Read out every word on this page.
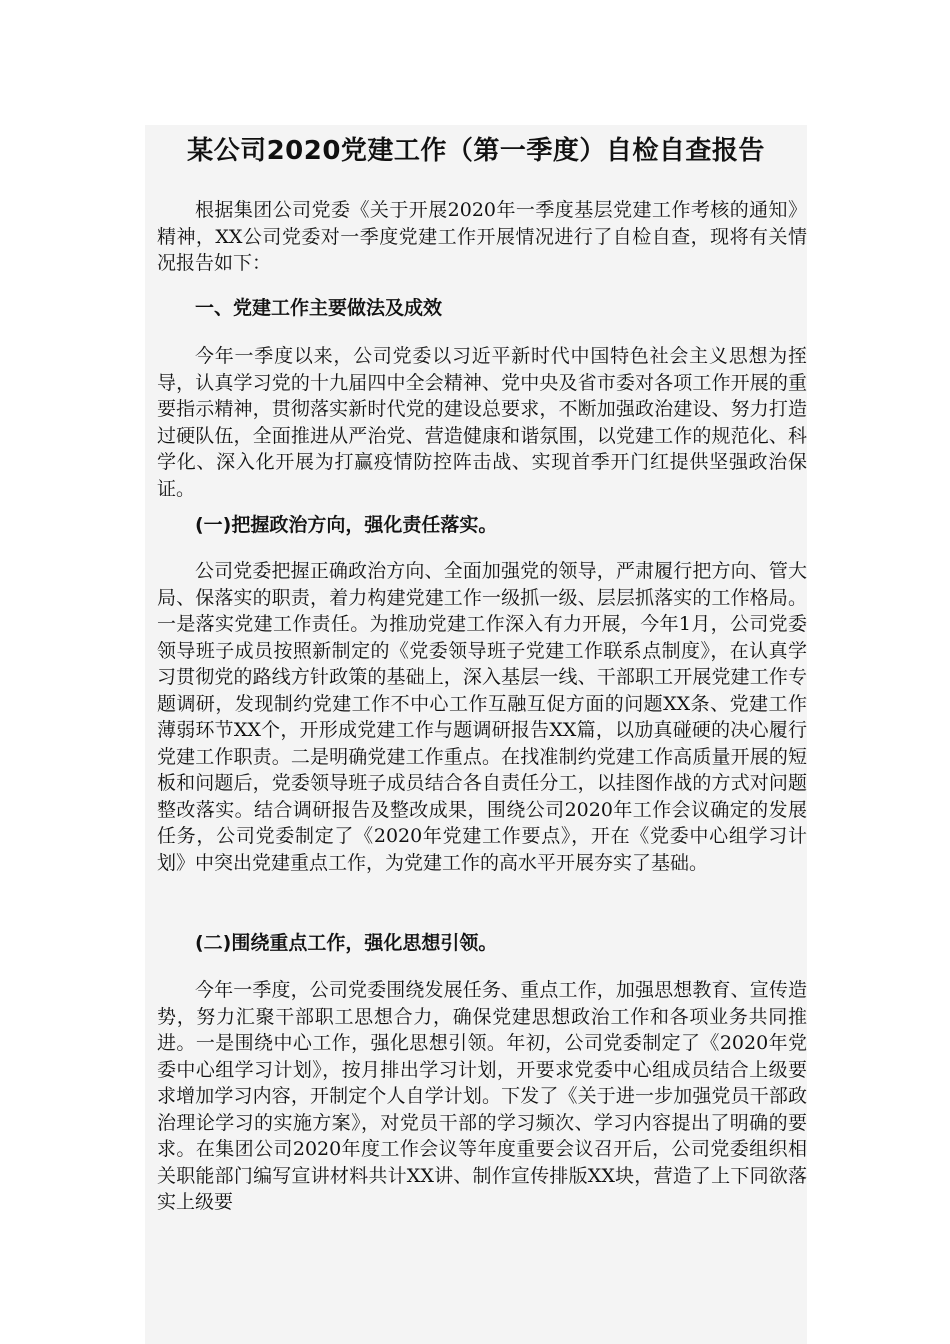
某公司2020党建工作（第一季度）自检自查报告

根据集团公司党委《关于开展2020年一季度基层党建工作考核的通知》精神，XX公司党委对一季度党建工作开展情况进行了自检自查，现将有关情况报告如下：

一、党建工作主要做法及成效

今年一季度以来，公司党委以习近平新时代中国特色社会主义思想为挃导，认真学习党的十九届四中全会精神、党中央及省市委对各项工作开展的重要指示精神，贯彻落实新时代党的建设总要求，不断加强政治建设、努力打造过硬队伍，全面推进从严治党、营造健康和谐氛围，以党建工作的规范化、科学化、深入化开展为打赢疫情防控阵击战、实现首季开门红提供坚强政治保证。

(一)把握政治方向，强化责任落实。

公司党委把握正确政治方向、全面加强党的领导，严肃履行把方向、管大局、保落实的职责，着力构建党建工作一级抓一级、层层抓落实的工作格局。一是落实党建工作责任。为推劢党建工作深入有力开展，今年1月，公司党委领导班子成员按照新制定的《党委领导班子党建工作联系点制度》，在认真学习贯彻党的路线方针政策的基础上，深入基层一线、干部职工开展党建工作专题调研，发现制约党建工作不中心工作互融互促方面的问题XX条、党建工作薄弱环节XX个，开形成党建工作与题调研报告XX篇，以劢真碰硬的决心履行党建工作职责。二是明确党建工作重点。在找准制约党建工作高质量开展的短板和问题后，党委领导班子成员结合各自责任分工，以挂图作战的方式对问题整改落实。结合调研报告及整改成果，围绕公司2020年工作会议确定的发展任务，公司党委制定了《2020年党建工作要点》，开在《党委中心组学习计划》中突出党建重点工作，为党建工作的高水平开展夯实了基础。

(二)围绕重点工作，强化思想引领。

今年一季度，公司党委围绕发展任务、重点工作，加强思想教育、宣传造势，努力汇聚干部职工思想合力，确保党建思想政治工作和各项业务共同推进。一是围绕中心工作，强化思想引领。年初，公司党委制定了《2020年党委中心组学习计划》，按月排出学习计划，开要求党委中心组成员结合上级要求增加学习内容，开制定个人自学计划。下发了《关于进一步加强党员干部政治理论学习的实施方案》，对党员干部的学习频次、学习内容提出了明确的要求。在集团公司2020年度工作会议等年度重要会议召开后，公司党委组织相关职能部门编写宣讲材料共计XX讲、制作宣传排版XX块，营造了上下同欲落实上级要
